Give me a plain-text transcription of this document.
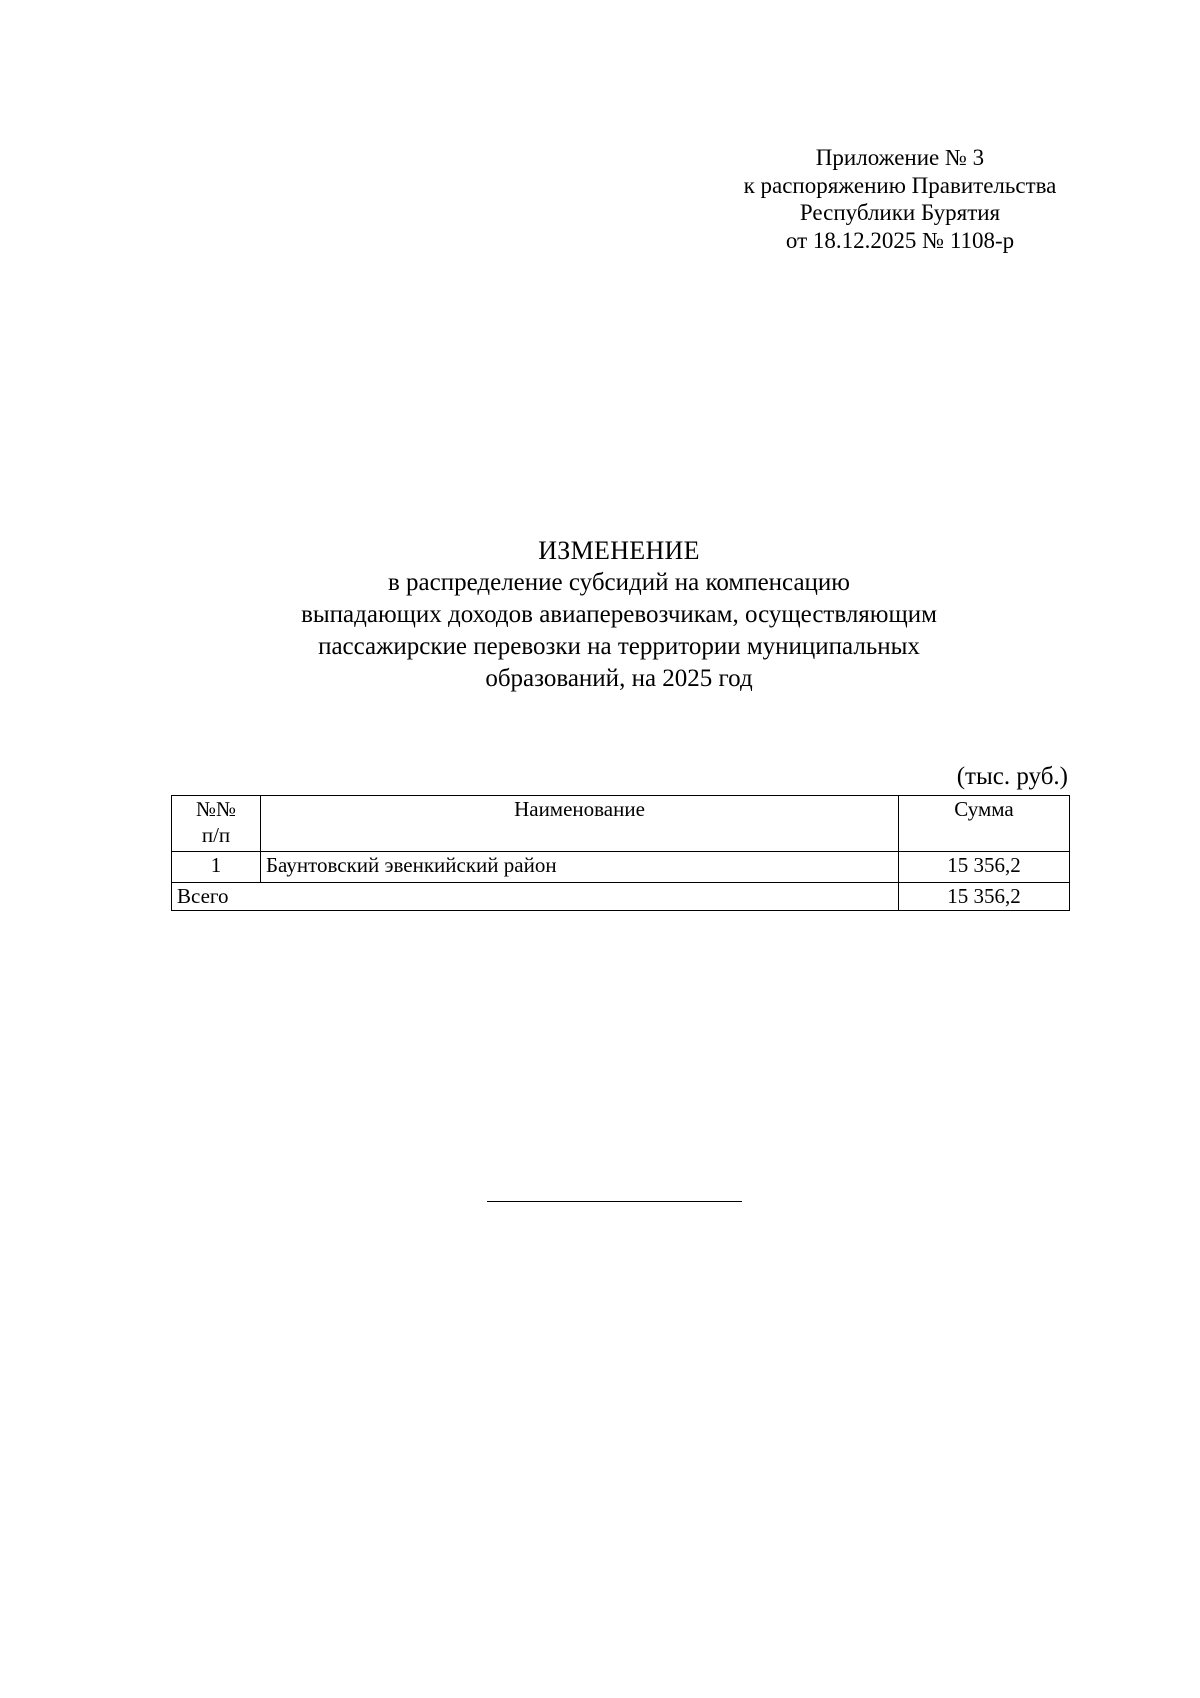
Приложение № 3
к распоряжению Правительства
Республики Бурятия
от 18.12.2025 № 1108-р
ИЗМЕНЕНИЕ
в распределение субсидий на компенсацию
выпадающих доходов авиаперевозчикам, осуществляющим
пассажирские перевозки на территории муниципальных
образований, на 2025 год
(тыс. руб.)
№№
п/п	Наименование	Сумма
1	Баунтовский эвенкийский район	15 356,2
Всего		15 356,2
